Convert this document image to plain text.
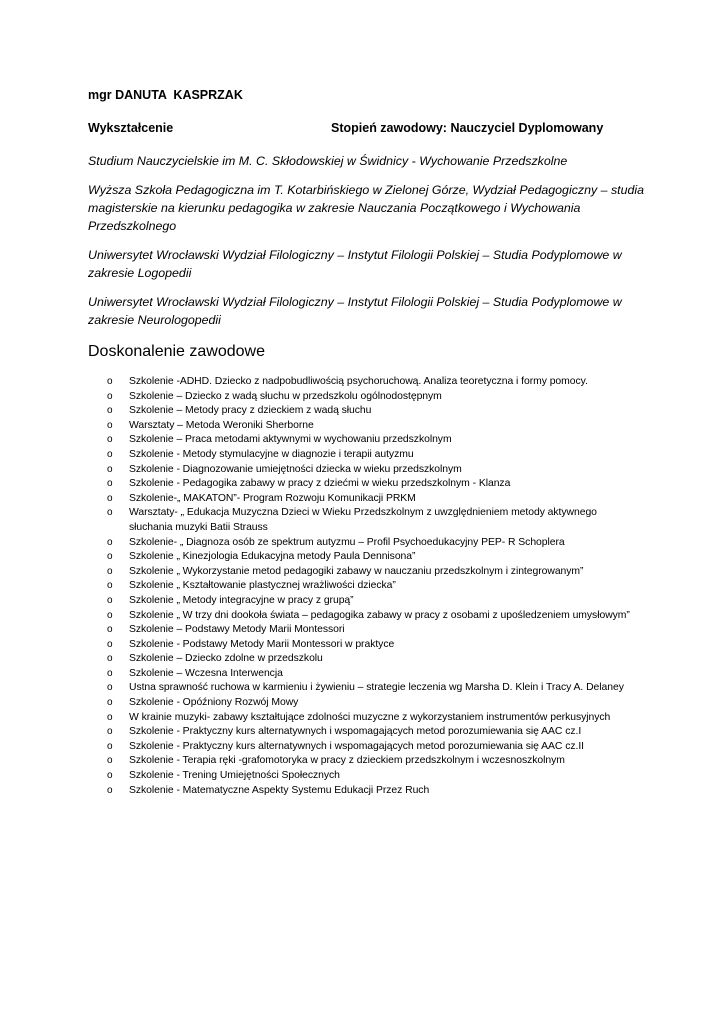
mgr DANUTA  KASPRZAK
Wykształcenie	Stopień zawodowy: Nauczyciel Dyplomowany

Studium Nauczycielskie im M. C. Skłodowskiej w Świdnicy - Wychowanie Przedszkolne

Wyższa Szkoła Pedagogiczna im T. Kotarbińskiego w Zielonej Górze, Wydział Pedagogiczny – studia magisterskie na kierunku pedagogika w zakresie Nauczania Początkowego i Wychowania Przedszkolnego

Uniwersytet Wrocławski Wydział Filologiczny – Instytut Filologii Polskiej – Studia Podyplomowe w zakresie Logopedii

Uniwersytet Wrocławski Wydział Filologiczny – Instytut Filologii Polskiej – Studia Podyplomowe w zakresie Neurologopedii

Doskonalenie zawodowe
o Szkolenie -ADHD. Dziecko z nadpobudliwością psychoruchową. Analiza teoretyczna i formy pomocy.
o Szkolenie – Dziecko z wadą słuchu w przedszkolu ogólnodostępnym
o Szkolenie – Metody pracy z dzieckiem z wadą słuchu
o Warsztaty – Metoda Weroniki Sherborne
o Szkolenie – Praca metodami aktywnymi w wychowaniu przedszkolnym
o Szkolenie - Metody stymulacyjne w diagnozie i terapii autyzmu
o Szkolenie - Diagnozowanie umiejętności dziecka w wieku przedszkolnym
o Szkolenie - Pedagogika zabawy w pracy z dziećmi w wieku przedszkolnym - Klanza
o Szkolenie-„ MAKATON”- Program Rozwoju Komunikacji PRKM
o Warsztaty- „ Edukacja Muzyczna Dzieci w Wieku Przedszkolnym z uwzględnieniem metody aktywnego słuchania muzyki Batii Strauss
o Szkolenie- „ Diagnoza osób ze spektrum autyzmu – Profil Psychoedukacyjny PEP- R Schoplera
o Szkolenie „ Kinezjologia Edukacyjna metody Paula Dennisona”
o Szkolenie „ Wykorzystanie metod pedagogiki zabawy w nauczaniu przedszkolnym i zintegrowanym”
o Szkolenie „ Kształtowanie plastycznej wrażliwości dziecka”
o Szkolenie „ Metody integracyjne w pracy z grupą”
o Szkolenie „ W trzy dni dookoła świata – pedagogika zabawy w pracy z osobami z upośledzeniem umysłowym”
o Szkolenie – Podstawy Metody Marii Montessori
o Szkolenie - Podstawy Metody Marii Montessori w praktyce
o Szkolenie – Dziecko zdolne w przedszkolu
o Szkolenie – Wczesna Interwencja
o Ustna sprawność ruchowa w karmieniu i żywieniu – strategie leczenia wg Marsha D. Klein i Tracy A. Delaney
o Szkolenie - Opóźniony Rozwój Mowy
o W krainie muzyki- zabawy kształtujące zdolności muzyczne z wykorzystaniem instrumentów perkusyjnych
o Szkolenie - Praktyczny kurs alternatywnych i wspomagających metod porozumiewania się AAC cz.I
o Szkolenie - Praktyczny kurs alternatywnych i wspomagających metod porozumiewania się AAC cz.II
o Szkolenie - Terapia ręki -grafomotoryka w pracy z dzieckiem przedszkolnym i wczesnoszkolnym
o Szkolenie - Trening Umiejętności Społecznych
o Szkolenie - Matematyczne Aspekty Systemu Edukacji Przez Ruch
